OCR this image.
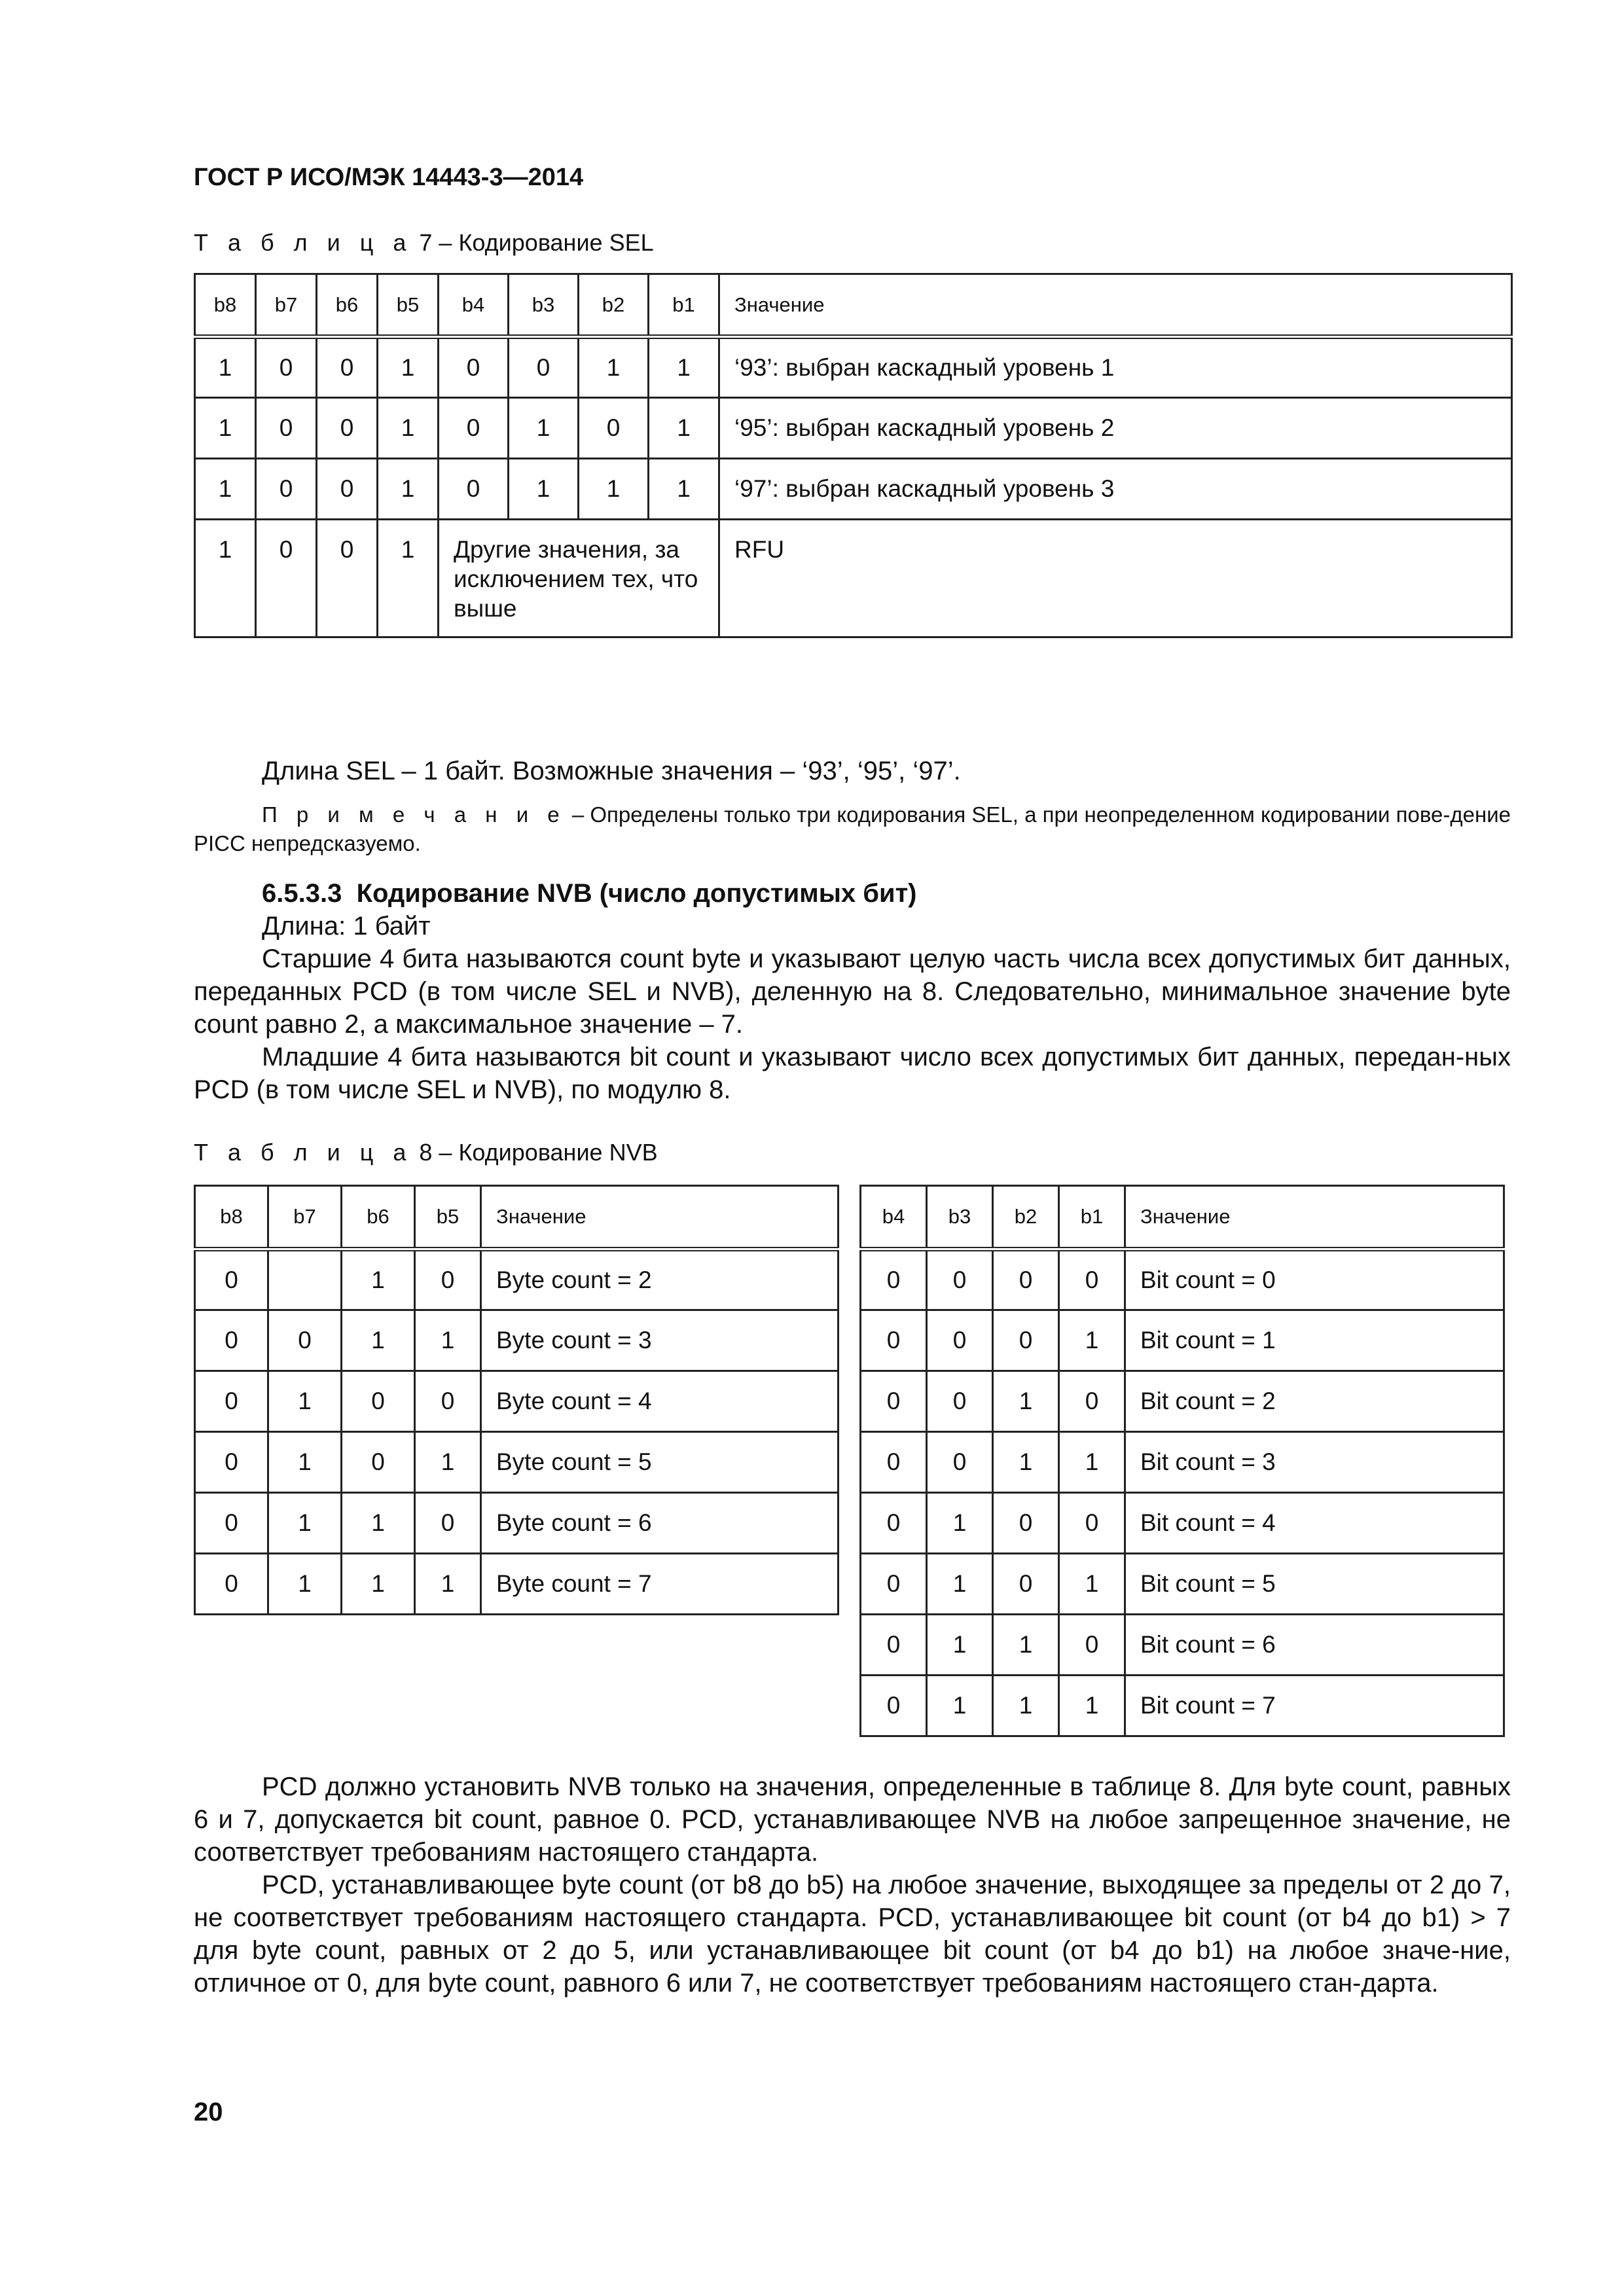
ГОСТ Р ИСО/МЭК 14443-3—2014
Т а б л и ц а 7 – Кодирование SEL
b8	b7	b6	b5	b4	b3	b2	b1	Значение
1	0	0	1	0	0	1	1	‘93’: выбран каскадный уровень 1
1	0	0	1	0	1	0	1	‘95’: выбран каскадный уровень 2
1	0	0	1	0	1	1	1	‘97’: выбран каскадный уровень 3
1	0	0	1	Другие значения, за исключением тех, что выше				RFU
Длина SEL – 1 байт. Возможные значения – ‘93’, ‘95’, ‘97’.
П р и м е ч а н и е – Определены только три кодирования SEL, а при неопределенном кодировании пове-дение PICC непредсказуемо.
6.5.3.3 Кодирование NVB (число допустимых бит)
Длина: 1 байт
Старшие 4 бита называются count byte и указывают целую часть числа всех допустимых бит данных, переданных PCD (в том числе SEL и NVB), деленную на 8. Следовательно, минимальное значение byte count равно 2, а максимальное значение – 7.
Младшие 4 бита называются bit count и указывают число всех допустимых бит данных, передан-ных PCD (в том числе SEL и NVB), по модулю 8.
Т а б л и ц а 8 – Кодирование NVB
b8	b7	b6	b5	Значение
0		1	0	Byte count = 2
0	0	1	1	Byte count = 3
0	1	0	0	Byte count = 4
0	1	0	1	Byte count = 5
0	1	1	0	Byte count = 6
0	1	1	1	Byte count = 7
b4	b3	b2	b1	Значение
0	0	0	0	Bit count = 0
0	0	0	1	Bit count = 1
0	0	1	0	Bit count = 2
0	0	1	1	Bit count = 3
0	1	0	0	Bit count = 4
0	1	0	1	Bit count = 5
0	1	1	0	Bit count = 6
0	1	1	1	Bit count = 7
PCD должно установить NVB только на значения, определенные в таблице 8. Для byte count, равных 6 и 7, допускается bit count, равное 0. PCD, устанавливающее NVB на любое запрещенное значение, не соответствует требованиям настоящего стандарта.
PCD, устанавливающее byte count (от b8 до b5) на любое значение, выходящее за пределы от 2 до 7, не соответствует требованиям настоящего стандарта. PCD, устанавливающее bit count (от b4 до b1) > 7 для byte count, равных от 2 до 5, или устанавливающее bit count (от b4 до b1) на любое значе-ние, отличное от 0, для byte count, равного 6 или 7, не соответствует требованиям настоящего стан-дарта.
20
